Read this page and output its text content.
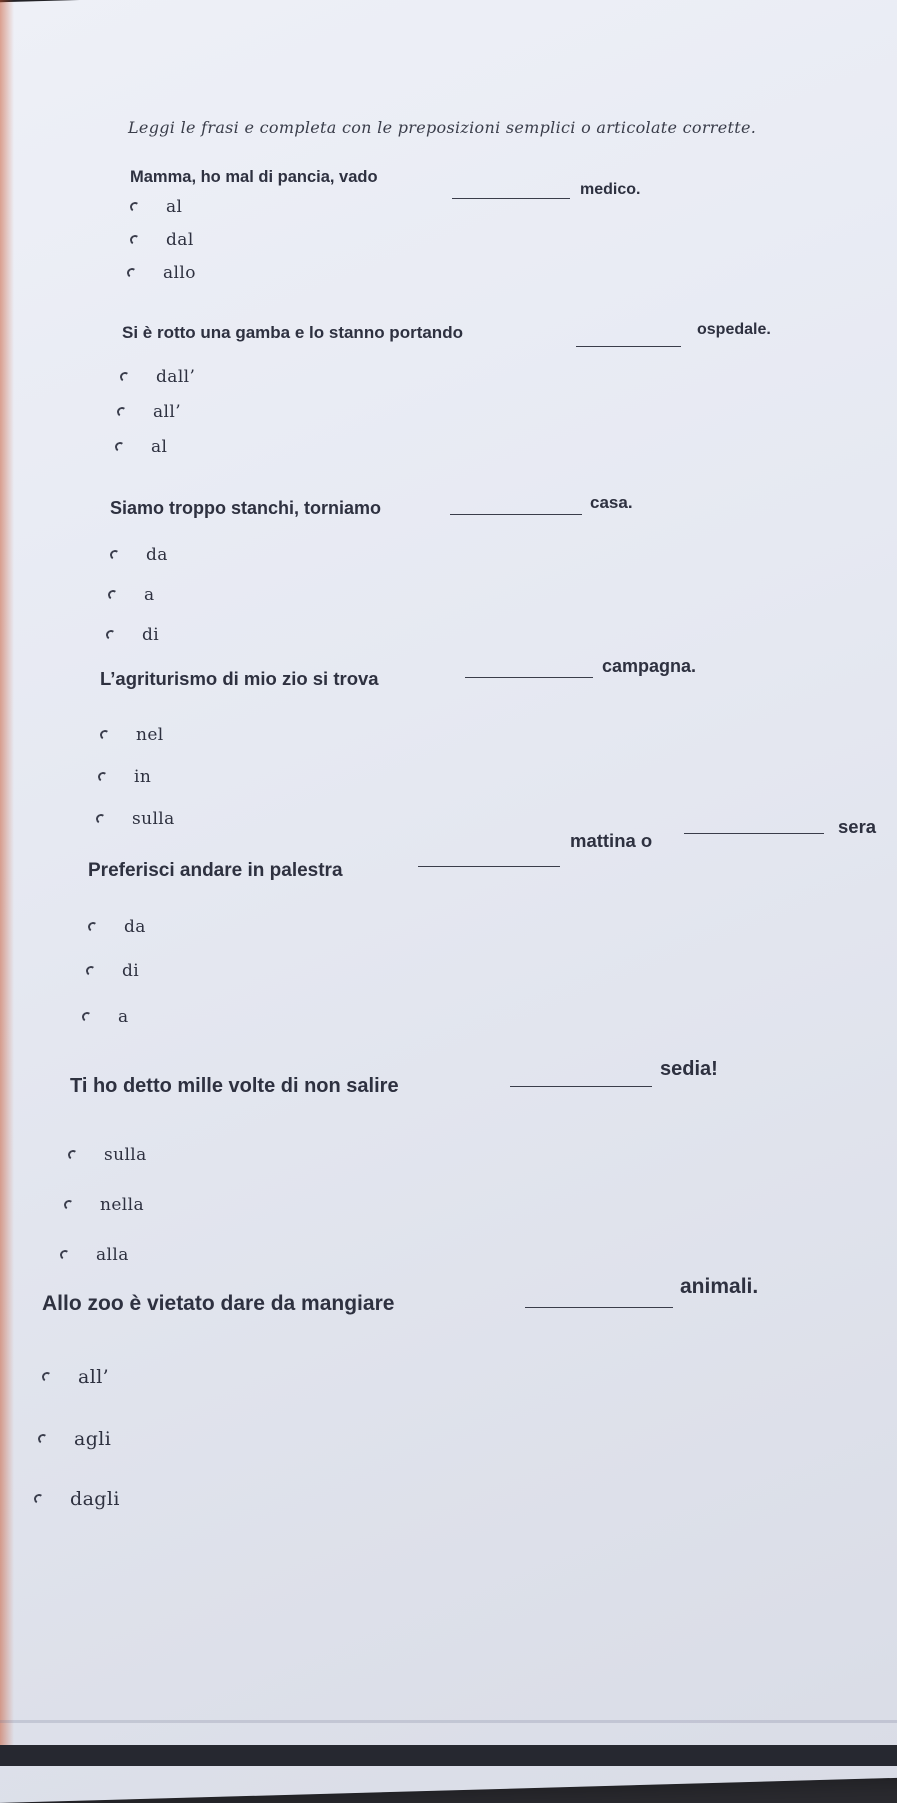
Leggi le frasi e completa con le preposizioni semplici o articolate corrette.

Mamma, ho mal di pancia, vado

medico.

al
dal
allo

Si è rotto una gamba e lo stanno portando	ospedale.

dall’
all’
al

Siamo troppo stanchi, torniamo	casa.

da
a
di

L’agriturismo di mio zio si trova

campagna.

nel
in
sulla

Preferisci andare in palestra

mattina o

sera

da
di
a

Ti ho detto mille volte di non salire

sedia!

sulla
nella
alla

Allo zoo è vietato dare da mangiare

animali.

all’
agli
dagli
